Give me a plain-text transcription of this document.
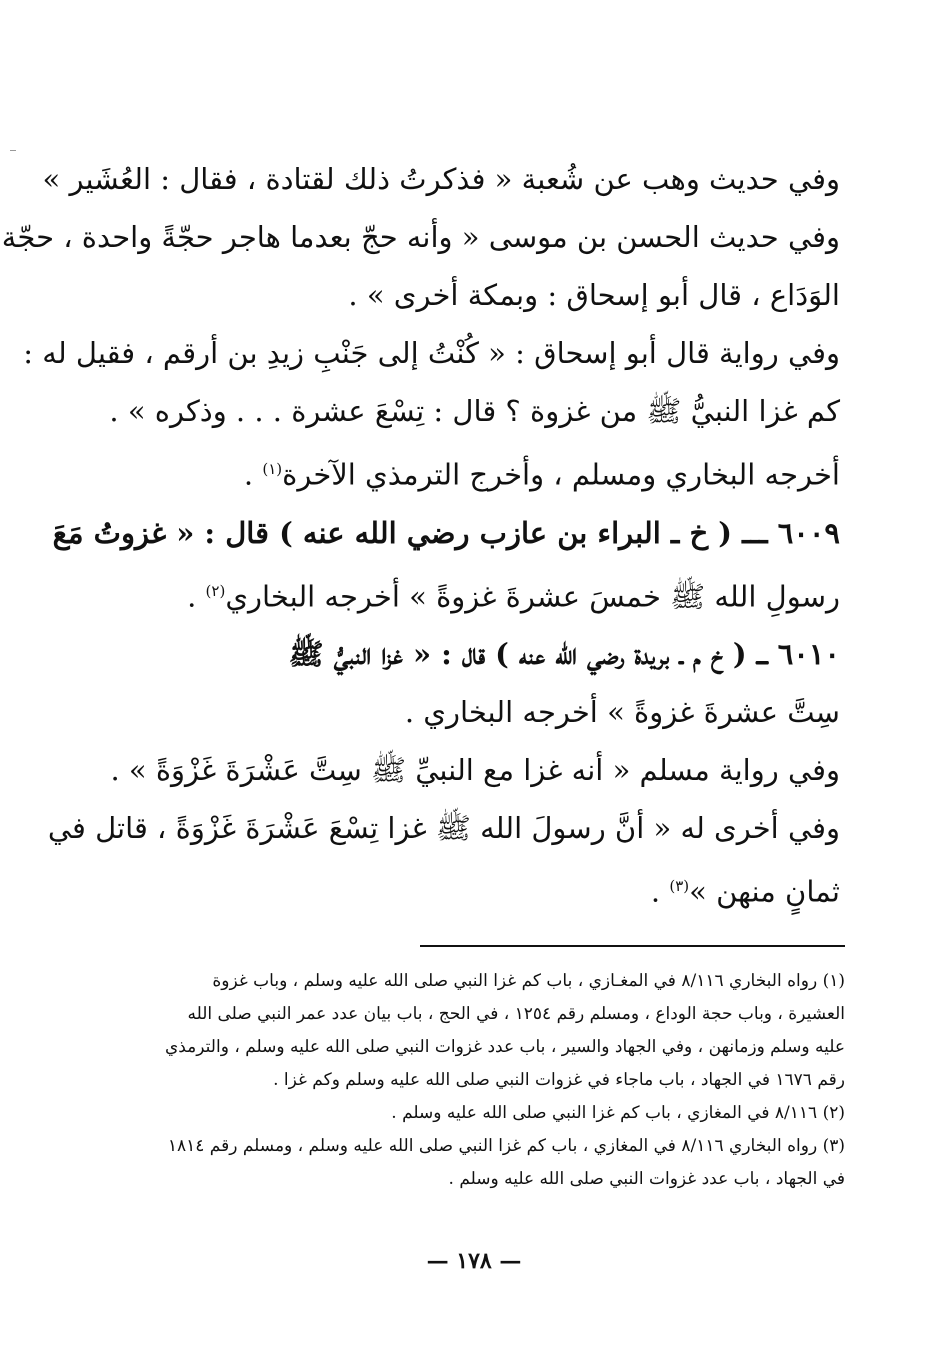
وفي حديث وهب عن شُعبة « فذكرتُ ذلك لقتادة ، فقال : العُشَير »
وفي حديث الحسن بن موسى « وأنه حجّ بعدما هاجر حجّةً واحدة ، حجّة
الوَدَاع ، قال أبو إسحاق : وبمكة أخرى » .
وفي رواية قال أبو إسحاق : « كُنْتُ إلى جَنْبِ زيدِ بن أرقم ، فقيل له :
كم غزا النبيُّ ﷺ من غزوة ؟ قال : تِسْعَ عشرة . . . وذكره » .
أخرجه البخاري ومسلم ، وأخرج الترمذي الآخرة$^{(١)}$ .
٦٠٠٩ ـــ ( خ ـ البراء بن عازب رضي الله عنه ) قال : « غزوتُ مَعَ
رسولِ الله ﷺ خمسَ عشرةَ غزوةً » أخرجه البخاري$^{(٢)}$ .
٦٠١٠ ـــ ( خ م ـ بريدة رضي الله عنه ) قال : « غزا النبيُّ ﷺ
سِتَّ عشرةَ غزوةً » أخرجه البخاري .
وفي رواية مسلم « أنه غزا مع النبيِّ ﷺ سِتَّ عَشْرَةَ غَزْوَةً » .
وفي أخرى له « أنَّ رسولَ الله ﷺ غزا تِسْعَ عَشْرَةَ غَزْوَةً ، قاتل في
ثمانٍ منهن »$^{(٣)}$ .
(١) رواه البخاري ٨/١١٦ في المغـازي ، باب كم غزا النبي صلى الله عليه وسلم ، وباب غزوة
العشيرة ، وباب حجة الوداع ، ومسلم رقم ١٢٥٤ ، في الحج ، باب بيان عدد عمر النبي صلى الله
عليه وسلم وزمانهن ، وفي الجهاد والسير ، باب عدد غزوات النبي صلى الله عليه وسلم ، والترمذي
رقم ١٦٧٦ في الجهاد ، باب ماجاء في غزوات النبي صلى الله عليه وسلم وكم غزا .
(٢) ٨/١١٦ في المغازي ، باب كم غزا النبي صلى الله عليه وسلم .
(٣) رواه البخاري ٨/١١٦ في المغازي ، باب كم غزا النبي صلى الله عليه وسلم ، ومسلم رقم ١٨١٤
في الجهاد ، باب عدد غزوات النبي صلى الله عليه وسلم .
— ١٧٨ —
